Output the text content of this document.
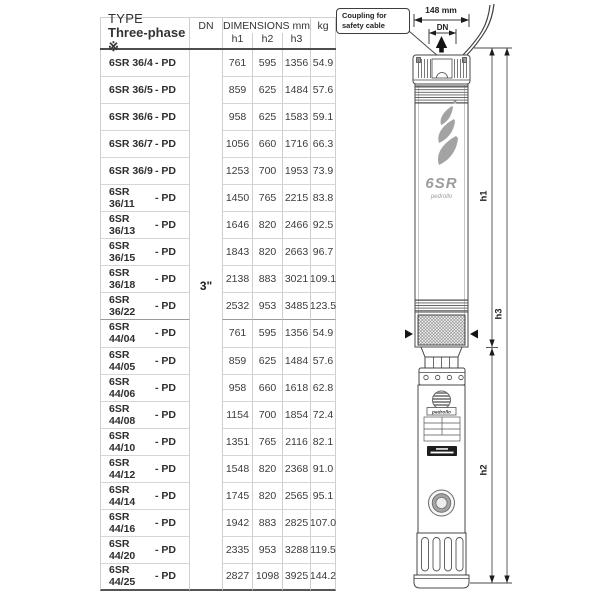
TYPE
Three-phase ※
DN DIMENSIONS mm
h1	h2	h3
kg
6SR 36/4 - PD	761	595 1356 54.9
6SR 36/5 - PD	859	625 1484 57.6
6SR 36/6 - PD	958	625 1583 59.1
6SR 36/7 - PD	1056 660 1716 66.3
6SR 36/9 - PD	1253 700 1953 73.9
6SR 36/11	- PD	1450 765 2215 83.8
6SR 36/13	- PD	1646 820 2466 92.5
6SR 36/15	- PD	1843 820 2663 96.7
6SR 36/18	- PD	2138 883 3021 109.1
6SR 36/22	- PD	2532 953 3485 123.5
6SR 44/04	- PD	761	595 1356 54.9
6SR 44/05	- PD	859	625 1484 57.6
6SR 44/06	- PD	958	660 1618 62.8
6SR 44/08	- PD	1154 700 1854 72.4
6SR 44/10	- PD	1351 765 2116 82.1
6SR 44/12	- PD	1548 820 2368 91.0
6SR 44/14	- PD	1745 820 2565 95.1
6SR 44/16	- PD	1942 883 2825 107.0
6SR 44/20	- PD	2335 953 3288 119.5
6SR 44/25	- PD	2827 1098 3925 144.2
3"
148 mm
DN
6SR
pedrollo
pedrollo
h1
h2
h3
Coupling for safety cable
